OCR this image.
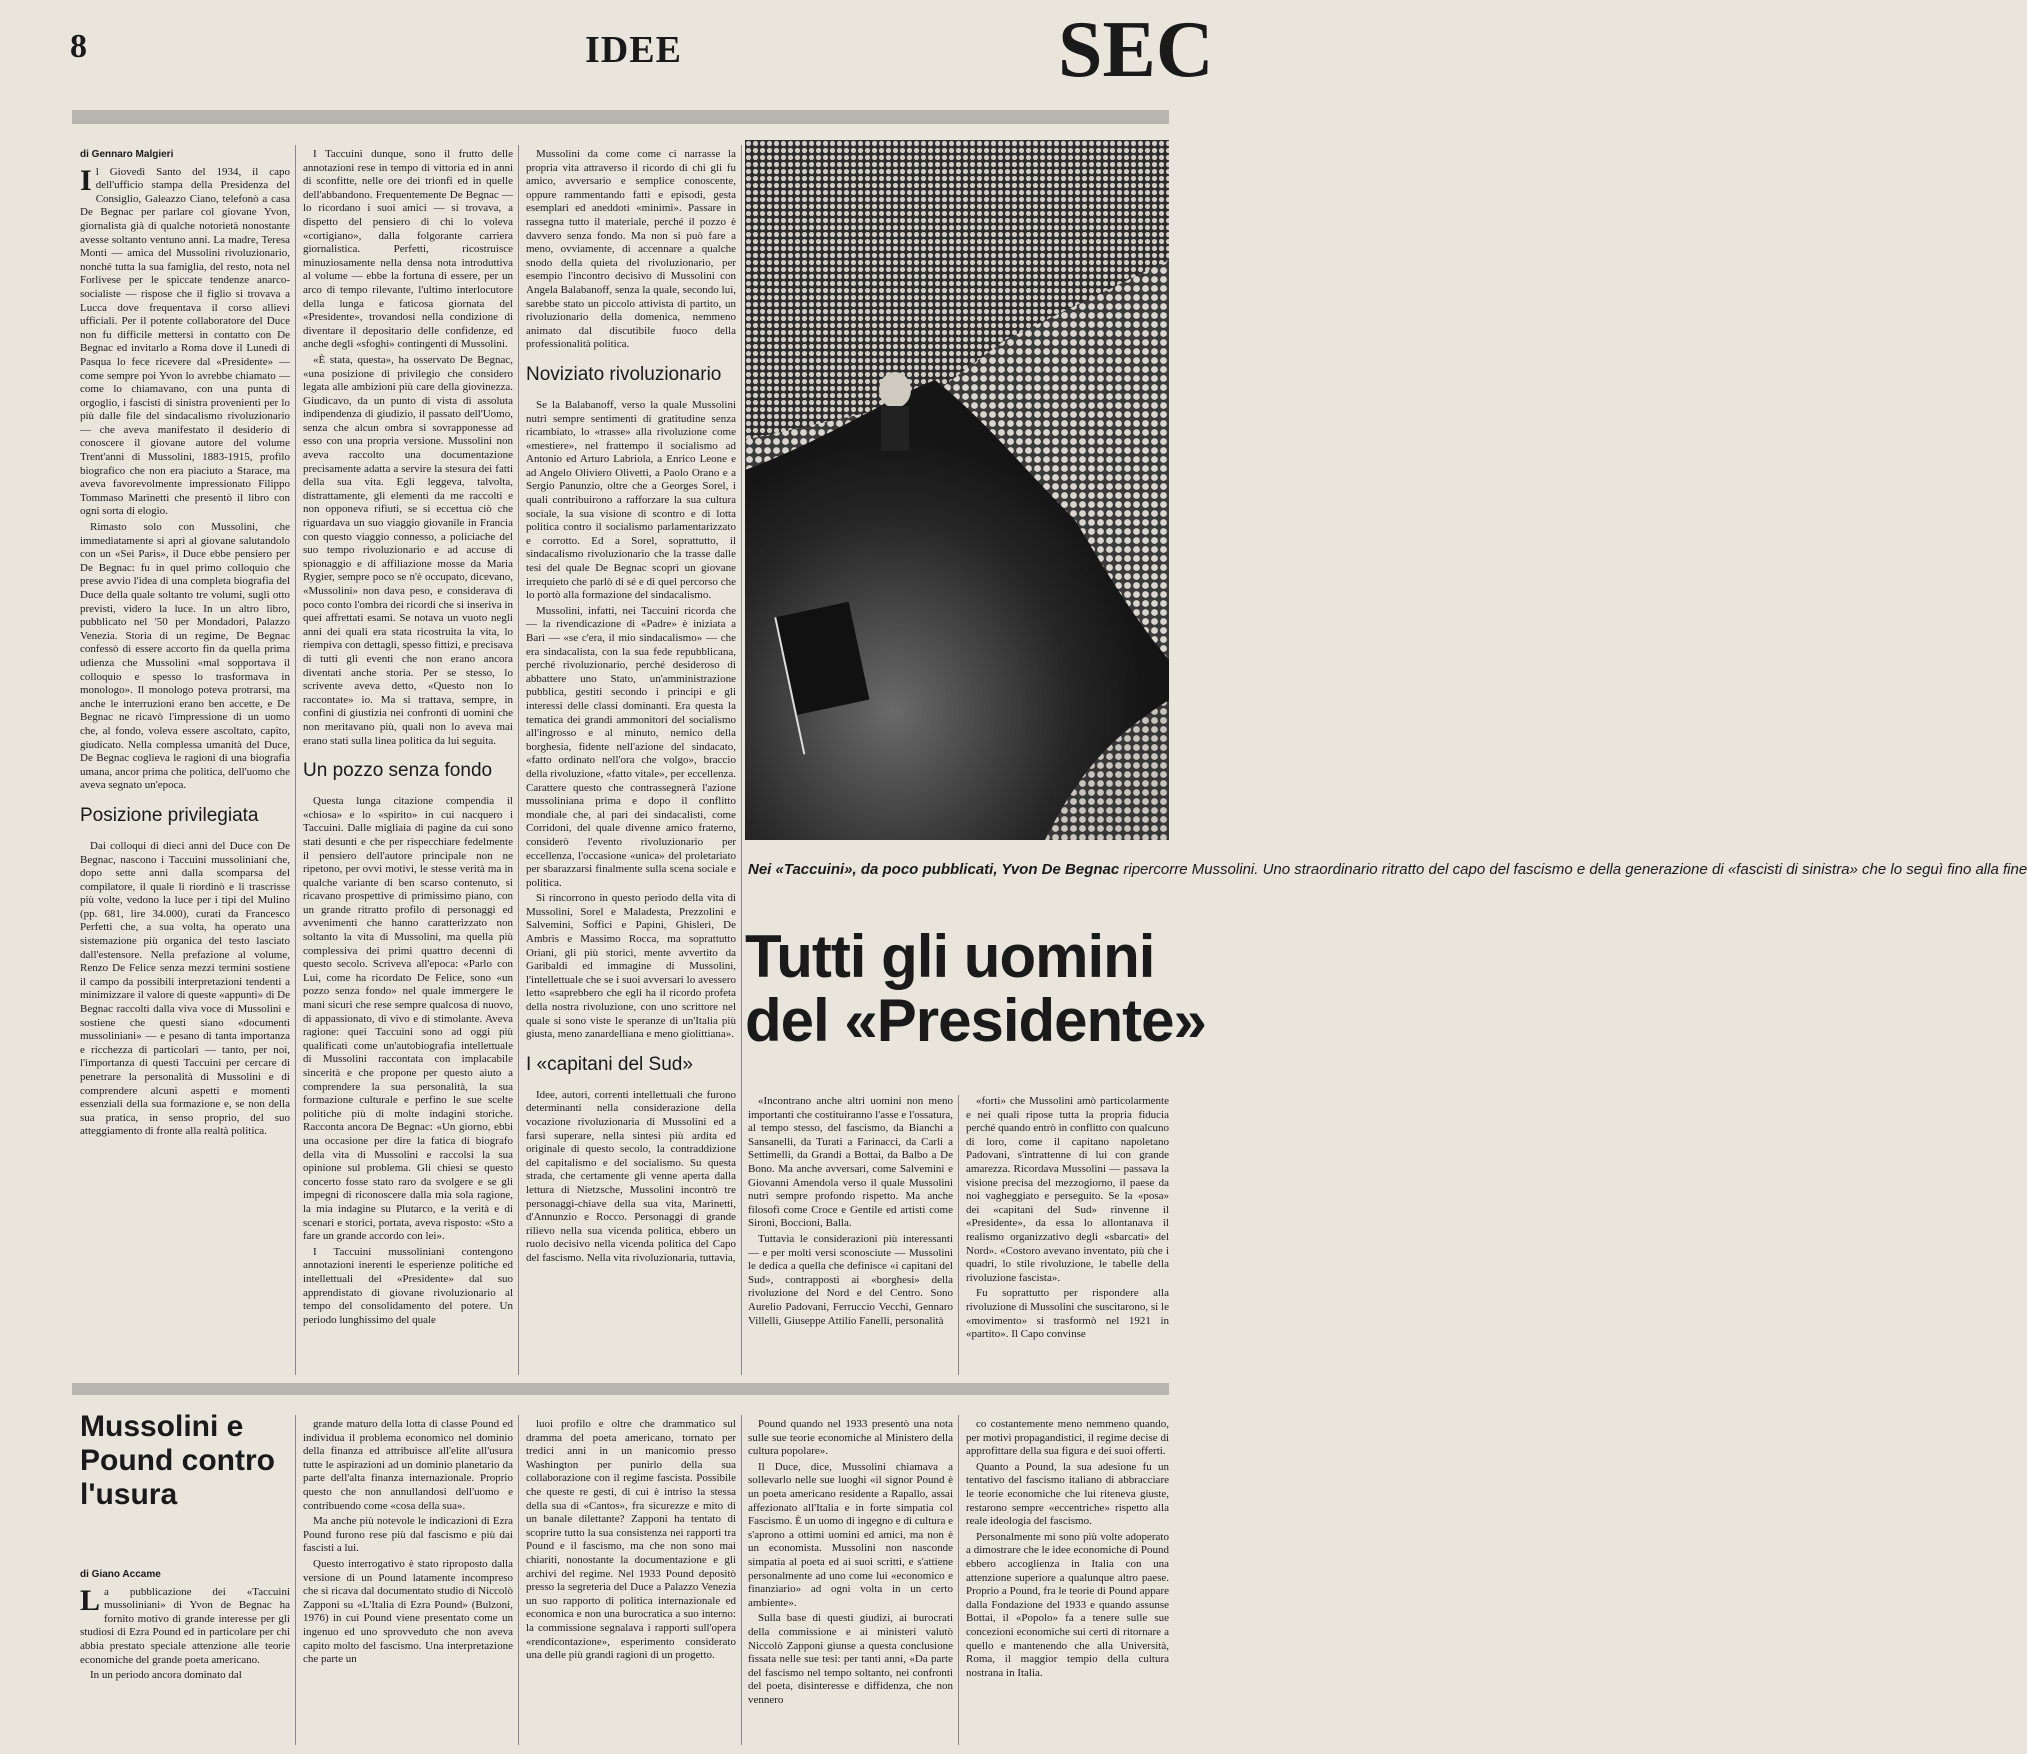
8	IDEE	SEC
di Gennaro Malgieri

Il Giovedì Santo del 1934, il capo dell'ufficio stampa della Presidenza del Consiglio, Galeazzo Ciano, telefonò a casa De Begnac per parlare col giovane Yvon, giornalista già di qualche notorietà nonostante avesse soltanto ventuno anni. La madre, Teresa Monti — amica del Mussolini rivoluzionario, nonché tutta la sua famiglia, del resto, nota nel Forlivese per le spiccate tendenze anarco-socialiste — rispose che il figlio si trovava a Lucca dove frequentava il corso allievi ufficiali. Per il potente collaboratore del Duce non fu difficile mettersi in contatto con De Begnac ed invitarlo a Roma dove il Lunedì di Pasqua lo fece ricevere dal «Presidente» — come sempre poi Yvon lo avrebbe chiamato — come lo chiamavano, con una punta di orgoglio, i fascisti di sinistra provenienti per lo più dalle file del sindacalismo rivoluzionario — che aveva manifestato il desiderio di conoscere il giovane autore del volume Trent'anni di Mussolini, 1883-1915, profilo biografico che non era piaciuto a Starace, ma aveva favorevolmente impressionato Filippo Tommaso Marinetti che presentò il libro con ogni sorta di elogio.

Rimasto solo con Mussolini, che immediatamente si aprì al giovane salutandolo con un «Sei Paris», il Duce ebbe pensiero per De Begnac: fu in quel primo colloquio che prese avvio l'idea di una completa biografia del Duce della quale soltanto tre volumi, sugli otto previsti, videro la luce. In un altro libro, pubblicato nel '50 per Mondadori, Palazzo Venezia. Storia di un regime, De Begnac confessò di essere accorto fin da quella prima udienza che Mussolini «mal sopportava il colloquio e spesso lo trasformava in monologo». Il monologo poteva protrarsi, ma anche le interruzioni erano ben accette, e De Begnac ne ricavò l'impressione di un uomo che, al fondo, voleva essere ascoltato, capito, giudicato. Nella complessa umanità del Duce, De Begnac coglieva le ragioni di una biografia umana, ancor prima che politica, dell'uomo che aveva segnato un'epoca.

Posizione privilegiata

Dai colloqui di dieci anni del Duce con De Begnac, nascono i Taccuini mussoliniani che, dopo sette anni dalla scomparsa del compilatore, il quale li riordinò e li trascrisse più volte, vedono la luce per i tipi del Mulino (pp. 681, lire 34.000), curati da Francesco Perfetti che, a sua volta, ha operato una sistemazione più organica del testo lasciato dall'estensore. Nella prefazione al volume, Renzo De Felice senza mezzi termini sostiene il campo da possibili interpretazioni tendenti a minimizzare il valore di queste «appunti» di De Begnac raccolti dalla viva voce di Mussolini e sostiene che questi siano «documenti mussoliniani» — e pesano di tanta importanza e ricchezza di particolari — tanto, per noi, l'importanza di questi Taccuini per cercare di penetrare la personalità di Mussolini e di comprendere alcuni aspetti e momenti essenziali della sua formazione e, se non della sua pratica, in senso proprio, del suo atteggiamento di fronte alla realtà politica.

I Taccuini dunque, sono il frutto delle annotazioni rese in tempo di vittoria ed in anni di sconfitte, nelle ore dei trionfi ed in quelle dell'abbandono. Frequentemente De Begnac — lo ricordano i suoi amici — si trovava, a dispetto del pensiero di chi lo voleva «cortigiano», dalla folgorante carriera giornalistica. Perfetti, ricostruisce minuziosamente nella densa nota introduttiva al volume — ebbe la fortuna di essere, per un arco di tempo rilevante, l'ultimo interlocutore della lunga e faticosa giornata del «Presidente», trovandosi nella condizione di diventare il depositario delle confidenze, ed anche degli «sfoghi» contingenti di Mussolini.

«È stata, questa», ha osservato De Begnac, «una posizione di privilegio che considero legata alle ambizioni più care della giovinezza. Giudicavo, da un punto di vista di assoluta indipendenza di giudizio, il passato dell'Uomo, senza che alcun ombra si sovrapponesse ad esso con una propria versione. Mussolini non aveva raccolto una documentazione precisamente adatta a servire la stesura dei fatti della sua vita. Egli leggeva, talvolta, distrattamente, gli elementi da me raccolti e non opponeva rifiuti, se si eccettua ciò che riguardava un suo viaggio giovanile in Francia con questo viaggio connesso, a policiache del suo tempo rivoluzionario e ad accuse di spionaggio e di affiliazione mosse da Maria Rygier, sempre poco se n'è occupato, dicevano, «Mussolini» non dava peso, e considerava di poco conto l'ombra dei ricordi che si inseriva in quei affrettati esami. Se notava un vuoto negli anni dei quali era stata ricostruita la vita, lo riempiva con dettagli, spesso fittizi, e precisava di tutti gli eventi che non erano ancora diventati anche storia. Per se stesso, lo scrivente aveva detto, «Questo non lo raccontate» io. Ma si trattava, sempre, in confini di giustizia nei confronti di uomini che non meritavano più, quali non lo aveva mai erano stati sulla linea politica da lui seguita.

Un pozzo senza fondo

Questa lunga citazione compendia il «chiosa» e lo «spirito» in cui nacquero i Taccuini. Dalle migliaia di pagine da cui sono stati desunti e che per rispecchiare fedelmente il pensiero dell'autore principale non ne ripetono, per ovvi motivi, le stesse verità ma in qualche variante di ben scarso contenuto, si ricavano prospettive di primissimo piano, con un grande ritratto profilo di personaggi ed avvenimenti che hanno caratterizzato non soltanto la vita di Mussolini, ma quella più complessiva dei primi quattro decenni di questo secolo. Scriveva all'epoca: «Parlo con Lui, come ha ricordato De Felice, sono «un pozzo senza fondo» nel quale immergere le mani sicuri che rese sempre qualcosa di nuovo, di appassionato, di vivo e di stimolante. Aveva ragione: quei Taccuini sono ad oggi più qualificati come un'autobiografia intellettuale di Mussolini raccontata con implacabile sincerità e che propone per questo aiuto a comprendere la sua personalità, la sua formazione culturale e perfino le sue scelte politiche più di molte indagini storiche. Racconta ancora De Begnac: «Un giorno, ebbi una occasione per dire la fatica di biografo della vita di Mussolini e raccolsi la sua opinione sul problema. Gli chiesi se questo concerto fosse stato raro da svolgere e se gli impegni di riconoscere dalla mia sola ragione, la mia indagine su Plutarco, e la verità e di scenari e storici, portata, aveva risposto: «Sto a fare un grande accordo con lei».

I Taccuini mussoliniani contengono annotazioni inerenti le esperienze politiche ed intellettuali del «Presidente» dal suo apprendistato di giovane rivoluzionario al tempo del consolidamento del potere. Un periodo lunghissimo del quale

Mussolini da come come ci narrasse la propria vita attraverso il ricordo di chi gli fu amico, avversario e semplice conoscente, oppure rammentando fatti e episodi, gesta esemplari ed aneddoti «minimi». Passare in rassegna tutto il materiale, perché il pozzo è davvero senza fondo. Ma non si può fare a meno, ovviamente, di accennare a qualche snodo della quieta del rivoluzionario, per esempio l'incontro decisivo di Mussolini con Angela Balabanoff, senza la quale, secondo lui, sarebbe stato un piccolo attivista di partito, un rivoluzionario della domenica, nemmeno animato dal discutibile fuoco della professionalità politica.

Noviziato rivoluzionario

Se la Balabanoff, verso la quale Mussolini nutrì sempre sentimenti di gratitudine senza ricambiato, lo «trasse» alla rivoluzione come «mestiere», nel frattempo il socialismo ad Antonio ed Arturo Labriola, a Enrico Leone e ad Angelo Oliviero Olivetti, a Paolo Orano e a Sergio Panunzio, oltre che a Georges Sorel, i quali contribuirono a rafforzare la sua cultura sociale, la sua visione di scontro e di lotta politica contro il socialismo parlamentarizzato e corrotto. Ed a Sorel, soprattutto, il sindacalismo rivoluzionario che la trasse dalle tesi del quale De Begnac scoprì un giovane irrequieto che parlò di sé e di quel percorso che lo portò alla formazione del sindacalismo.

Mussolini, infatti, nei Taccuini ricorda che — la rivendicazione di «Padre» è iniziata a Bari — «se c'era, il mio sindacalismo» — che era sindacalista, con la sua fede repubblicana, perché rivoluzionario, perché desideroso di abbattere uno Stato, un'amministrazione pubblica, gestiti secondo i principi e gli interessi delle classi dominanti. Era questa la tematica dei grandi ammonitori del socialismo all'ingrosso e al minuto, nemico della borghesia, fidente nell'azione del sindacato, «fatto ordinato nell'ora che volgo», braccio della rivoluzione, «fatto vitale», per eccellenza. Carattere questo che contrassegnerà l'azione mussoliniana prima e dopo il conflitto mondiale che, al pari dei sindacalisti, come Corridoni, del quale divenne amico fraterno, considerò l'evento rivoluzionario per eccellenza, l'occasione «unica» del proletariato per sbarazzarsi finalmente sulla scena sociale e politica.

Si rincorrono in questo periodo della vita di Mussolini, Sorel e Maladesta, Prezzolini e Salvemini, Soffici e Papini, Ghisleri, De Ambris e Massimo Rocca, ma soprattutto Oriani, gli più storici, mente avvertito da Garibaldi ed immagine di Mussolini, l'intellettuale che se i suoi avversari lo avessero letto «saprebbero che egli ha il ricordo profeta della nostra rivoluzione, con uno scrittore nel quale si sono viste le speranze di un'Italia più giusta, meno zanardelliana e meno giolittiana».

I «capitani del Sud»

Idee, autori, correnti intellettuali che furono determinanti nella considerazione della vocazione rivoluzionaria di Mussolini ed a farsi superare, nella sintesi più ardita ed originale di questo secolo, la contraddizione del capitalismo e del socialismo. Su questa strada, che certamente gli venne aperta dalla lettura di Nietzsche, Mussolini incontrò tre personaggi-chiave della sua vita, Marinetti, d'Annunzio e Rocco. Personaggi di grande rilievo nella sua vicenda politica, ebbero un ruolo decisivo nella vicenda politica del Capo del fascismo. Nella vita rivoluzionaria, tuttavia,

Nei «Taccuini», da poco pubblicati, Yvon De Begnac ripercorre Mussolini. Uno straordinario ritratto del capo del fascismo e della generazione di «fascisti di sinistra» che lo seguì fino alla fine
Tutti gli uomini
del «Presidente»

«Incontrano anche altri uomini non meno importanti che costituiranno l'asse e l'ossatura, al tempo stesso, del fascismo, da Bianchi a Sansanelli, da Turati a Farinacci, da Carli a Settimelli, da Grandi a Bottai, da Balbo a De Bono. Ma anche avversari, come Salvemini e Giovanni Amendola verso il quale Mussolini nutrì sempre profondo rispetto. Ma anche filosofi come Croce e Gentile ed artisti come Sironi, Boccioni, Balla.

Tuttavia le considerazioni più interessanti — e per molti versi sconosciute — Mussolini le dedica a quella che definisce «i capitani del Sud», contrapposti ai «borghesi» della rivoluzione del Nord e del Centro. Sono Aurelio Padovani, Ferruccio Vecchi, Gennaro Villelli, Giuseppe Attilio Fanelli, personalità

«forti» che Mussolini amò particolarmente e nei quali ripose tutta la propria fiducia perché quando entrò in conflitto con qualcuno di loro, come il capitano napoletano Padovani, s'intrattenne di lui con grande amarezza. Ricordava Mussolini — passava la visione precisa del mezzogiorno, il paese da noi vagheggiato e perseguito. Se la «posa» dei «capitani del Sud» rinvenne il «Presidente», da essa lo allontanava il realismo organizzativo degli «sbarcati» del Nord». «Costoro avevano inventato, più che i quadri, lo stile rivoluzione, le tabelle della rivoluzione fascista».

Fu soprattutto per rispondere alla rivoluzione di Mussolini che suscitarono, si le «movimento» si trasformò nel 1921 in «partito». Il Capo convinse

Mussolini e Pound contro l'usura
di Giano Accame

La pubblicazione dei «Taccuini mussoliniani» di Yvon de Begnac ha fornito motivo di grande interesse per gli studiosi di Ezra Pound ed in particolare per chi abbia prestato speciale attenzione alle teorie economiche del grande poeta americano.

In un periodo ancora dominato dal

grande maturo della lotta di classe Pound ed individua il problema economico nel dominio della finanza ed attribuisce all'elite all'usura tutte le aspirazioni ad un dominio planetario da parte dell'alta finanza internazionale. Proprio questo che non annullandosi dell'uomo e contribuendo come «cosa della sua».

Ma anche più notevole le indicazioni di Ezra Pound furono rese più dal fascismo e più dai fascisti a lui.

Questo interrogativo è stato riproposto dalla versione di un Pound latamente incompreso che si ricava dal documentato studio di Niccolò Zapponi su «L'Italia di Ezra Pound» (Bulzoni, 1976) in cui Pound viene presentato come un ingenuo ed uno sprovveduto che non aveva capito molto del fascismo. Una interpretazione che parte un

luoi profilo e oltre che drammatico sul dramma del poeta americano, tornato per tredici anni in un manicomio presso Washington per punirlo della sua collaborazione con il regime fascista. Possibile che queste re gesti, di cui è intriso la stessa della sua di «Cantos», fra sicurezze e mito di un banale dilettante? Zapponi ha tentato di scoprire tutto la sua consistenza nei rapporti tra Pound e il fascismo, ma che non sono mai chiariti, nonostante la documentazione e gli archivi del regime. Nel 1933 Pound depositò presso la segreteria del Duce a Palazzo Venezia un suo rapporto di politica internazionale ed economica e non una burocratica a suo interno: la commissione segnalava i rapporti sull'opera «rendicontazione», esperimento considerato una delle più grandi ragioni di un progetto.

Pound quando nel 1933 presentò una nota sulle sue teorie economiche al Ministero della cultura popolare».

Il Duce, dice, Mussolini chiamava a sollevarlo nelle sue luoghi «il signor Pound è un poeta americano residente a Rapallo, assai affezionato all'Italia e in forte simpatia col Fascismo. È un uomo di ingegno e di cultura e s'aprono a ottimi uomini ed amici, ma non è un economista. Mussolini non nasconde simpatia al poeta ed ai suoi scritti, e s'attiene personalmente ad uno come lui «economico e finanziario» ad ogni volta in un certo ambiente».

Sulla base di questi giudizi, ai burocrati della commissione e ai ministeri valutò Niccolò Zapponi giunse a questa conclusione fissata nelle sue tesi: per tanti anni, «Da parte del fascismo nel tempo soltanto, nei confronti del poeta, disinteresse e diffidenza, che non vennero

co costantemente meno nemmeno quando, per motivi propagandistici, il regime decise di approfittare della sua figura e dei suoi offerti.

Quanto a Pound, la sua adesione fu un tentativo del fascismo italiano di abbracciare le teorie economiche che lui riteneva giuste, restarono sempre «eccentriche» rispetto alla reale ideologia del fascismo.

Personalmente mi sono più volte adoperato a dimostrare che le idee economiche di Pound ebbero accoglienza in Italia con una attenzione superiore a qualunque altro paese. Proprio a Pound, fra le teorie di Pound appare dalla Fondazione del 1933 e quando assunse Bottai, il «Popolo» fa a tenere sulle sue concezioni economiche sui certi di ritornare a quello e mantenendo che alla Università, Roma, il maggior tempio della cultura nostrana in Italia.
